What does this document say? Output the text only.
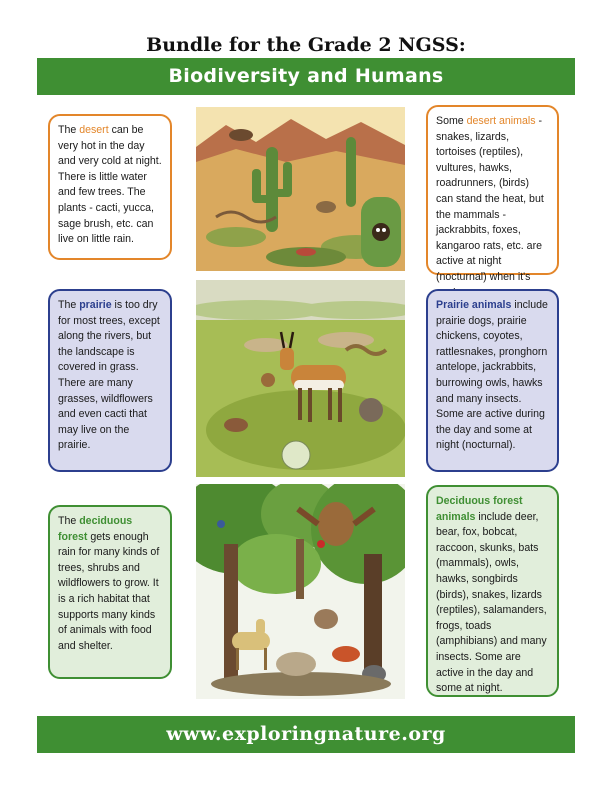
Bundle for the Grade 2 NGSS:
Biodiversity and Humans
The desert can be very hot in the day and very cold at night. There is little water and few trees. The plants - cacti, yucca, sage brush, etc. can live on little rain.
Some desert animals - snakes, lizards, tortoises (reptiles), vultures, hawks, roadrunners, (birds) can stand the heat, but the mammals - jackrabbits, foxes, kangaroo rats, etc. are active at night (nocturnal) when it's
The prairie is too dry for most trees, except along the rivers, but the landscape is covered in grass. There are many grasses, wildflowers and even cacti that may live on the prairie.
Prairie animals include prairie dogs, prairie chickens, coyotes, rattlesnakes, pronghorn antelope, jackrabbits, burrowing owls, hawks and many insects. Some are active during the day and some at night (nocturnal).
The deciduous forest gets enough rain for many kinds of trees, shrubs and wildflowers to grow. It is a rich habitat that supports many kinds of animals with food and shelter.
Deciduous forest animals include deer, bear, fox, bobcat, raccoon, skunks, bats (mammals), owls, hawks, songbirds (birds), snakes, lizards (reptiles), salamanders, frogs, toads (amphibians) and many insects. Some are active in the day and some at night.
www.exploringnature.org
